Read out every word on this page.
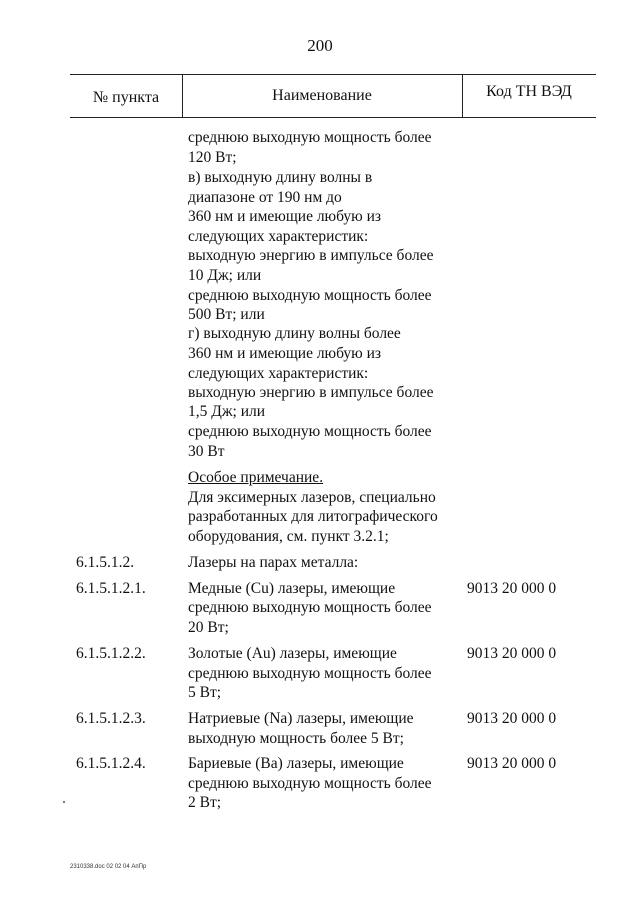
200
№ пункта	Наименование	Код ТН ВЭД
среднюю выходную мощность более
120 Вт;
в) выходную длину волны в
диапазоне от 190 нм до
360 нм и имеющие любую из
следующих характеристик:
выходную энергию в импульсе более
10 Дж; или
среднюю выходную мощность более
500 Вт; или
г) выходную длину волны более
360 нм и имеющие любую из
следующих характеристик:
выходную энергию в импульсе более
1,5 Дж; или
среднюю выходную мощность более
30 Вт
Особое примечание.
Для эксимерных лазеров, специально
разработанных для литографического
оборудования, см. пункт 3.2.1;
6.1.5.1.2.	Лазеры на парах металла:
6.1.5.1.2.1.	Медные (Cu) лазеры, имеющие
среднюю выходную мощность более
20 Вт;
9013 20 000 0
6.1.5.1.2.2.	Золотые (Au) лазеры, имеющие
среднюю выходную мощность более
5 Вт;
9013 20 000 0
6.1.5.1.2.3.	Натриевые (Na) лазеры, имеющие
выходную мощность более 5 Вт;
9013 20 000 0
6.1.5.1.2.4.	Бариевые (Ba) лазеры, имеющие
среднюю выходную мощность более
2 Вт;
9013 20 000 0
2310338.doc 02 02 04 АпПр
